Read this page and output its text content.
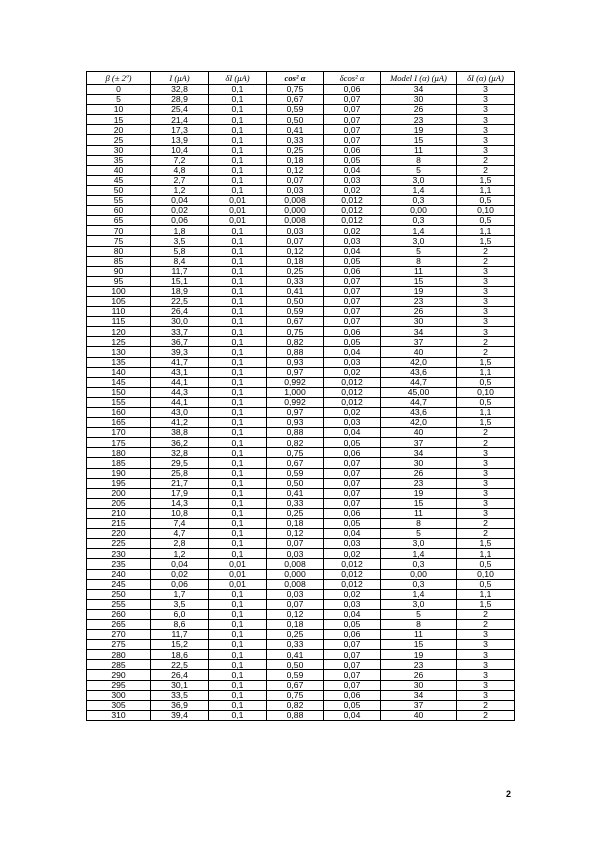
β (± 2º)	I (μA)	δI (μA)	cos² α	δcos² α	Model I (α) (μA)	δI (α) (μA)
0	32,8	0,1	0,75	0,06	34	3
5	28,9	0,1	0,67	0,07	30	3
10	25,4	0,1	0,59	0,07	26	3
15	21,4	0,1	0,50	0,07	23	3
20	17,3	0,1	0,41	0,07	19	3
25	13,9	0,1	0,33	0,07	15	3
30	10,4	0,1	0,25	0,06	11	3
35	7,2	0,1	0,18	0,05	8	2
40	4,8	0,1	0,12	0,04	5	2
45	2,7	0,1	0,07	0,03	3,0	1,5
50	1,2	0,1	0,03	0,02	1,4	1,1
55	0,04	0,01	0,008	0,012	0,3	0,5
60	0,02	0,01	0,000	0,012	0,00	0,10
65	0,06	0,01	0,008	0,012	0,3	0,5
70	1,8	0,1	0,03	0,02	1,4	1,1
75	3,5	0,1	0,07	0,03	3,0	1,5
80	5,8	0,1	0,12	0,04	5	2
85	8,4	0,1	0,18	0,05	8	2
90	11,7	0,1	0,25	0,06	11	3
95	15,1	0,1	0,33	0,07	15	3
100	18,9	0,1	0,41	0,07	19	3
105	22,5	0,1	0,50	0,07	23	3
110	26,4	0,1	0,59	0,07	26	3
115	30,0	0,1	0,67	0,07	30	3
120	33,7	0,1	0,75	0,06	34	3
125	36,7	0,1	0,82	0,05	37	2
130	39,3	0,1	0,88	0,04	40	2
135	41,7	0,1	0,93	0,03	42,0	1,5
140	43,1	0,1	0,97	0,02	43,6	1,1
145	44,1	0,1	0,992	0,012	44,7	0,5
150	44,3	0,1	1,000	0,012	45,00	0,10
155	44,1	0,1	0,992	0,012	44,7	0,5
160	43,0	0,1	0,97	0,02	43,6	1,1
165	41,2	0,1	0,93	0,03	42,0	1,5
170	38,8	0,1	0,88	0,04	40	2
175	36,2	0,1	0,82	0,05	37	2
180	32,8	0,1	0,75	0,06	34	3
185	29,5	0,1	0,67	0,07	30	3
190	25,8	0,1	0,59	0,07	26	3
195	21,7	0,1	0,50	0,07	23	3
200	17,9	0,1	0,41	0,07	19	3
205	14,3	0,1	0,33	0,07	15	3
210	10,8	0,1	0,25	0,06	11	3
215	7,4	0,1	0,18	0,05	8	2
220	4,7	0,1	0,12	0,04	5	2
225	2,8	0,1	0,07	0,03	3,0	1,5
230	1,2	0,1	0,03	0,02	1,4	1,1
235	0,04	0,01	0,008	0,012	0,3	0,5
240	0,02	0,01	0,000	0,012	0,00	0,10
245	0,06	0,01	0,008	0,012	0,3	0,5
250	1,7	0,1	0,03	0,02	1,4	1,1
255	3,5	0,1	0,07	0,03	3,0	1,5
260	6,0	0,1	0,12	0,04	5	2
265	8,6	0,1	0,18	0,05	8	2
270	11,7	0,1	0,25	0,06	11	3
275	15,2	0,1	0,33	0,07	15	3
280	18,6	0,1	0,41	0,07	19	3
285	22,5	0,1	0,50	0,07	23	3
290	26,4	0,1	0,59	0,07	26	3
295	30,1	0,1	0,67	0,07	30	3
300	33,5	0,1	0,75	0,06	34	3
305	36,9	0,1	0,82	0,05	37	2
310	39,4	0,1	0,88	0,04	40	2
2
